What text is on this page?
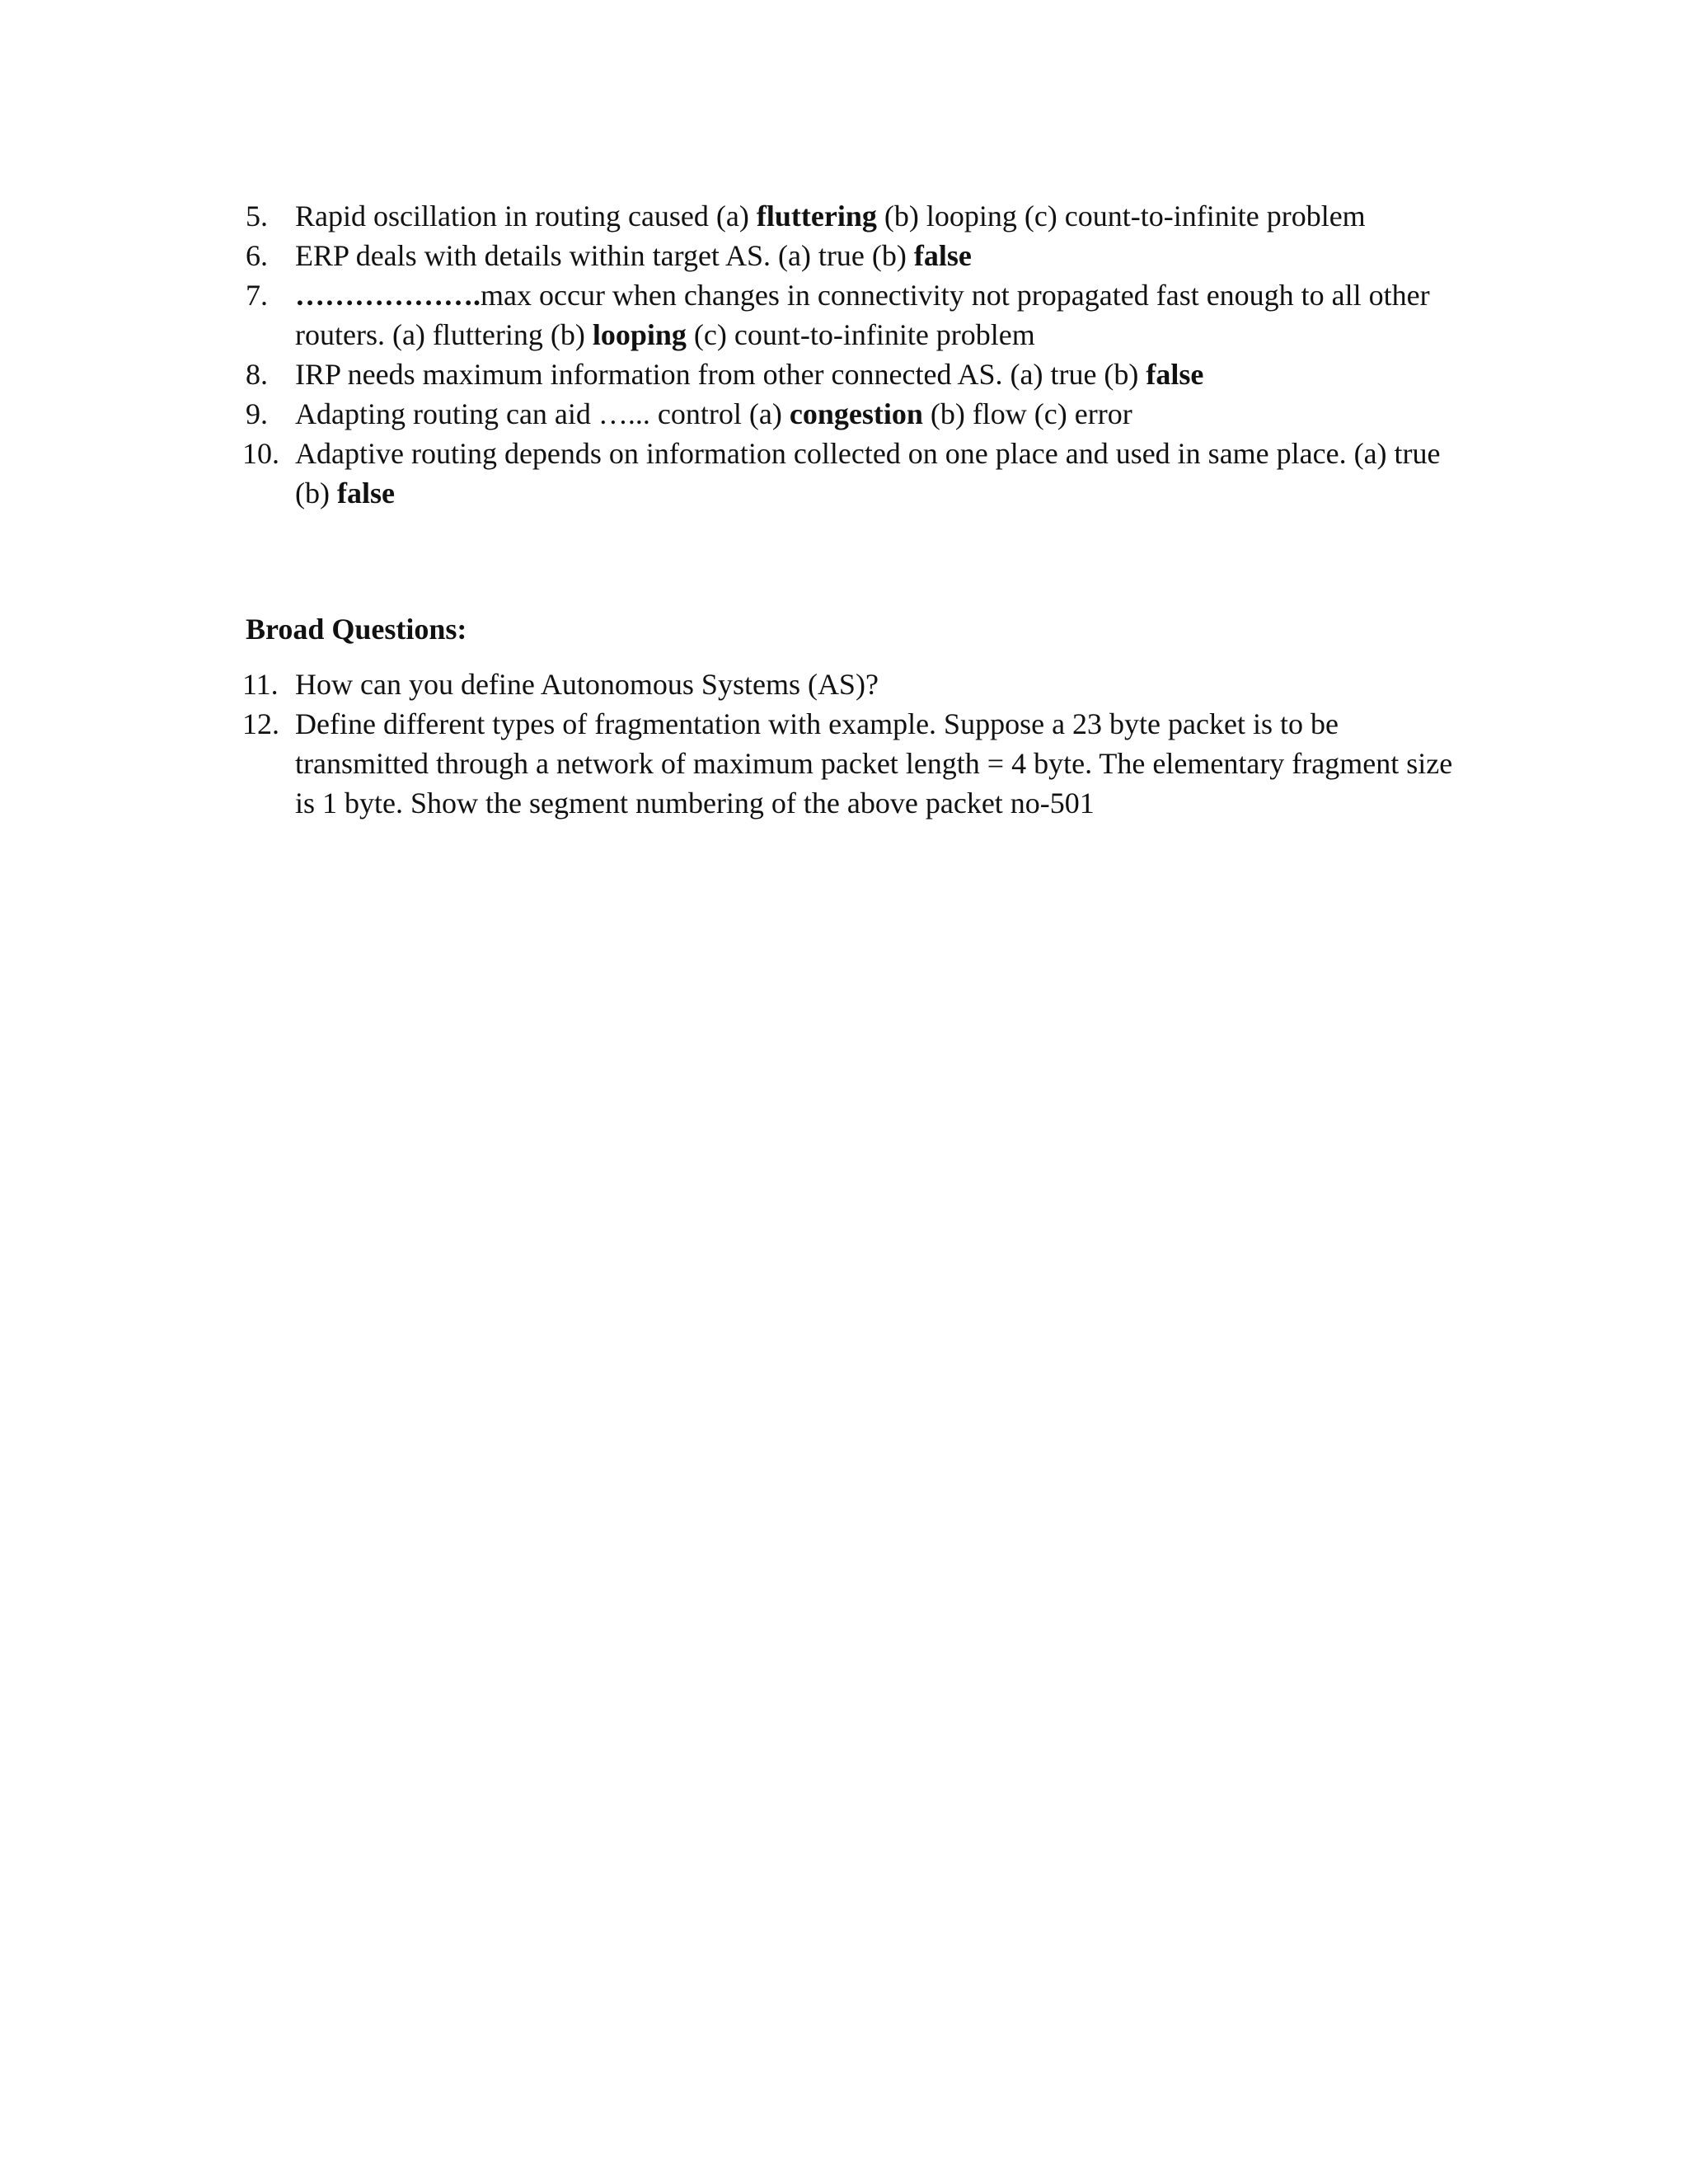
5. Rapid oscillation in routing caused (a) fluttering (b) looping (c) count-to-infinite problem
6. ERP deals with details within target AS. (a) true (b) false
7. ……………….max occur when changes in connectivity not propagated fast enough to all other routers. (a) fluttering (b) looping (c) count-to-infinite problem
8. IRP needs maximum information from other connected AS. (a) true (b) false
9. Adapting routing can aid …... control (a) congestion (b) flow (c) error
10. Adaptive routing depends on information collected on one place and used in same place. (a) true (b) false
Broad Questions:
11. How can you define Autonomous Systems (AS)?
12. Define different types of fragmentation with example. Suppose a 23 byte packet is to be transmitted through a network of maximum packet length = 4 byte. The elementary fragment size is 1 byte. Show the segment numbering of the above packet no-501
